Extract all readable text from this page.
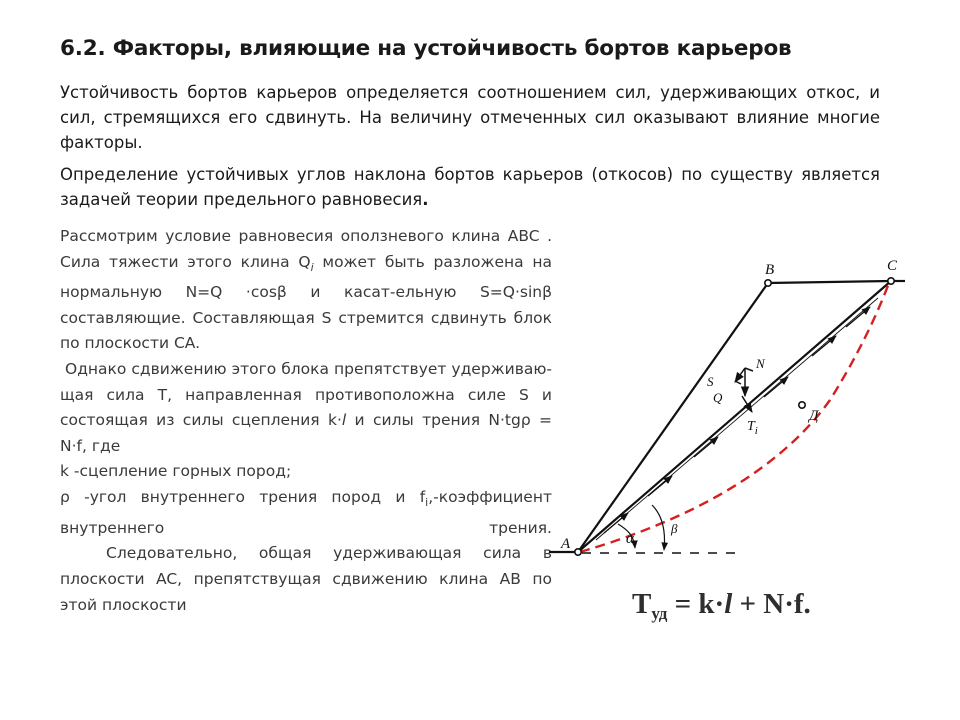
6.2. Факторы, влияющие на устойчивость бортов карьеров

Устойчивость бортов карьеров определяется соотношением сил, удерживающих откос, и сил, стремящихся его сдвинуть. На величину отмеченных сил оказывают влияние многие факторы.

Определение устойчивых углов наклона бортов карьеров (откосов) по существу является задачей теории предельного равновесия.

Рассмотрим условие равновесия оползневого клина ABC . Сила тяжести этого клина $Q_i$ может быть разложена на нормальную N=Q ·cosβ и касат-ельную S=Q·sinβ составляющие. Составляющая S стремится сдвинуть блок по плоскости CA.

Однако сдвижению этого блока препятствует удерживаю-щая сила T, направленная противоположна силе S и состоящая из силы сцепления k·l и силы трения N·tgρ = N·f, где

k -сцепление горных пород;

ρ -угол внутреннего трения пород и $f_i$,-коэффициент внутреннего трения.

Следовательно, общая удерживающая сила в плоскости AC, препятствущая сдвижению клина AB по этой плоскости

A
B	C
Д
S
N
Q
$T_i$
α
β
$T_{уд} = k\cdot l + N\cdot f$.
